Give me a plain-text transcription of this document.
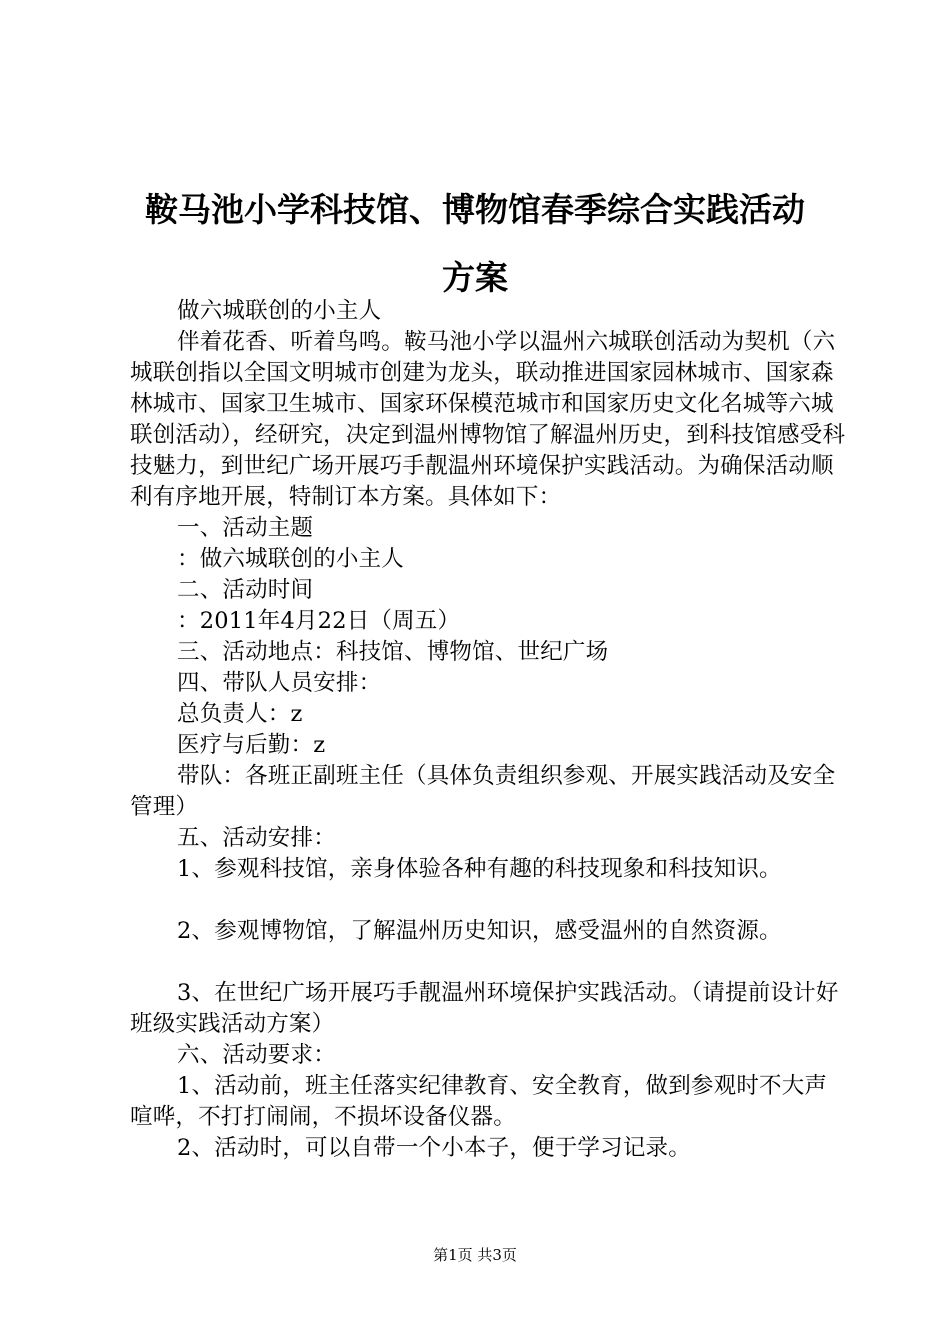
鞍马池小学科技馆、博物馆春季综合实践活动
方案

做六城联创的小主人

伴着花香、听着鸟鸣。鞍马池小学以温州六城联创活动为契机（六城联创指以全国文明城市创建为龙头，联动推进国家园林城市、国家森林城市、国家卫生城市、国家环保模范城市和国家历史文化名城等六城联创活动），经研究，决定到温州博物馆了解温州历史，到科技馆感受科技魅力，到世纪广场开展巧手靓温州环境保护实践活动。为确保活动顺利有序地开展，特制订本方案。具体如下：

一、活动主题

：做六城联创的小主人

二、活动时间

：2011年4月22日（周五）

三、活动地点：科技馆、博物馆、世纪广场

四、带队人员安排：

总负责人：z

医疗与后勤：z

带队：各班正副班主任（具体负责组织参观、开展实践活动及安全管理）

五、活动安排：

1、参观科技馆，亲身体验各种有趣的科技现象和科技知识。

2、参观博物馆，了解温州历史知识，感受温州的自然资源。

3、在世纪广场开展巧手靓温州环境保护实践活动。（请提前设计好班级实践活动方案）

六、活动要求：

1、活动前，班主任落实纪律教育、安全教育，做到参观时不大声喧哗，不打打闹闹，不损坏设备仪器。

2、活动时，可以自带一个小本子，便于学习记录。

第1页 共3页
